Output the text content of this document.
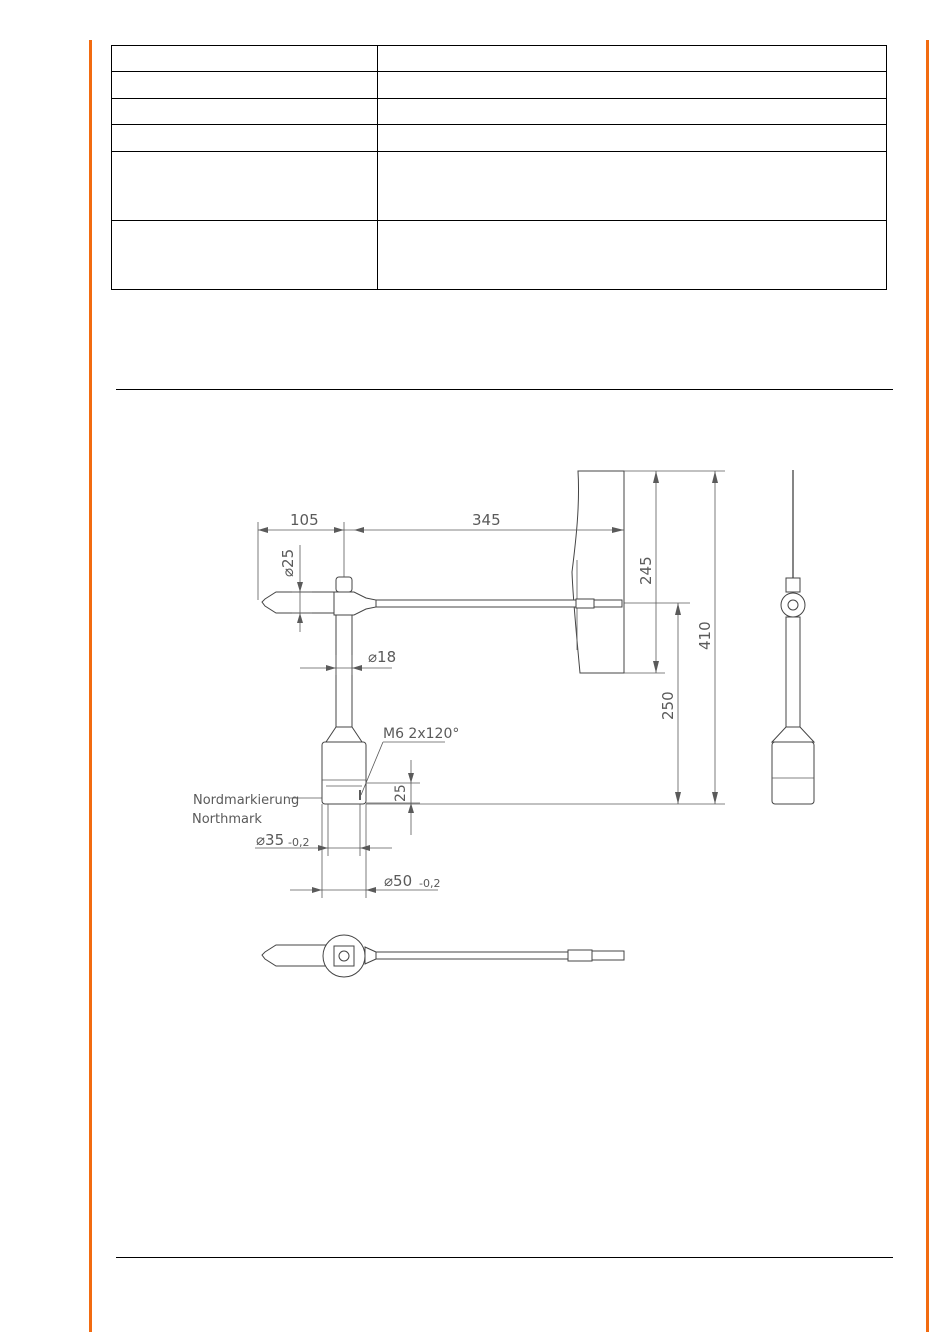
105	345
⌀25
⌀18
245
410
250
M6 2x120°
25
Nordmarkierung
Northmark
⌀35 -0,2
⌀50 -0,2
